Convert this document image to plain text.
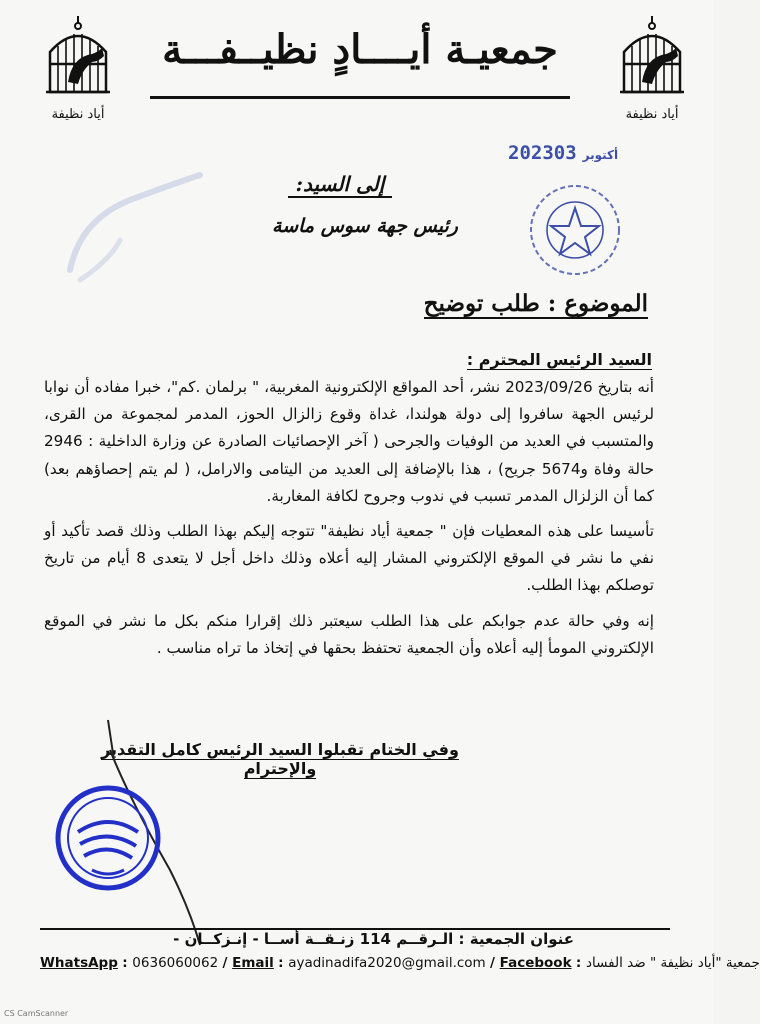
أياد نظيفة	أياد نظيفة
جمعيـة أيــــادٍ نظيــفـــة
2023 أكتوبر03
إلى السيد:
رئيس جهة سوس ماسة
الموضوع : طلب توضيح
السيد الرئيس المحترم :

أنه بتاريخ 2023/09/26 نشر، أحد المواقع الإلكترونية المغربية، " برلمان .كم"، خبرا مفاده أن نوابا لرئيس الجهة سافروا إلى دولة هولندا، غداة وقوع زالزال الحوز، المدمر لمجموعة من القرى، والمتسبب في العديد من الوفيات والجرحى ( آخر الإحصائيات الصادرة عن وزارة الداخلية : 2946 حالة وفاة و5674 جريح) ، هذا بالإضافة إلى العديد من اليتامى والارامل، ( لم يتم إحصاؤهم بعد) كما أن الزلزال المدمر تسبب في ندوب وجروح لكافة المغاربة.

تأسيسا على هذه المعطيات فإن " جمعية أياد نظيفة" تتوجه إليكم بهذا الطلب وذلك قصد تأكيد أو نفي ما نشر في الموقع الإلكتروني المشار إليه أعلاه وذلك داخل أجل لا يتعدى 8 أيام من تاريخ توصلكم بهذا الطلب.

إنه وفي حالة عدم جوابكم على هذا الطلب سيعتبر ذلك إقرارا منكم بكل ما نشر في الموقع الإلكتروني المومأ إليه أعلاه وأن الجمعية تحتفظ بحقها في إتخاذ ما تراه مناسب .

وفي الختام تقبلوا السيد الرئيس كامل التقدير والإحترام
عنوان الجمعية : الـرقــم 114 زنـقــة أســا - إنـزكــان -
WhatsApp : 0636060062 / Email : ayadinadifa2020@gmail.com / Facebook : جمعية "أياد نظيفة " ضد الفساد
CS CamScanner
